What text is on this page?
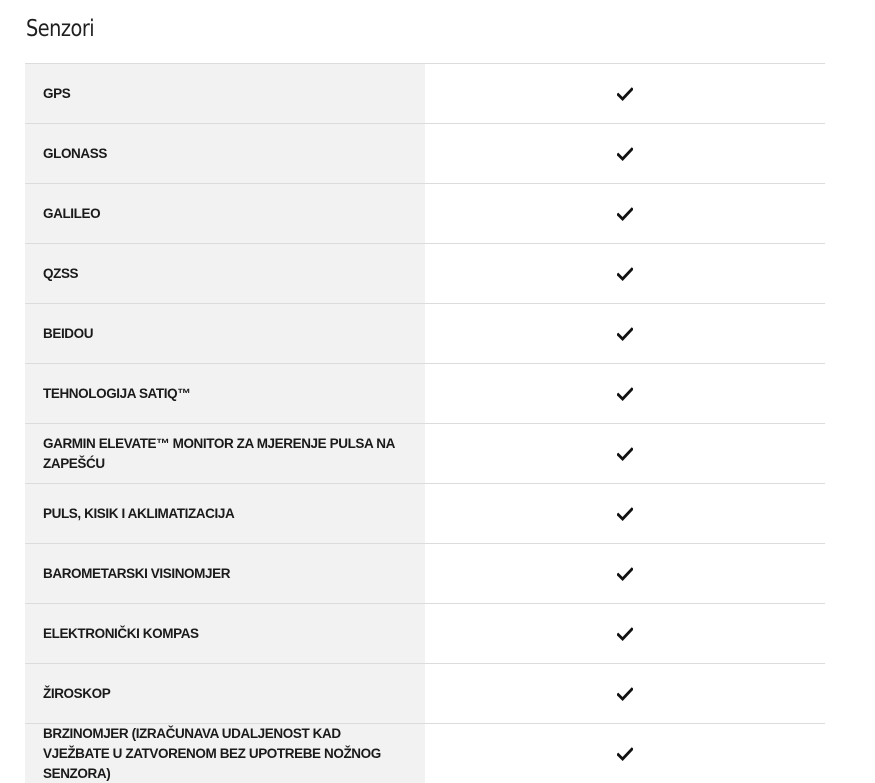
Senzori
GPS
GLONASS
GALILEO
QZSS
BEIDOU
TEHNOLOGIJA SATIQ™
GARMIN ELEVATE™ MONITOR ZA MJERENJE PULSA NA ZAPEŠĆU
PULS, KISIK I AKLIMATIZACIJA
BAROMETARSKI VISINOMJER
ELEKTRONIČKI KOMPAS
ŽIROSKOP
BRZINOMJER (IZRAČUNAVA UDALJENOST KAD VJEŽBATE U ZATVORENOM BEZ UPOTREBE NOŽNOG SENZORA)
